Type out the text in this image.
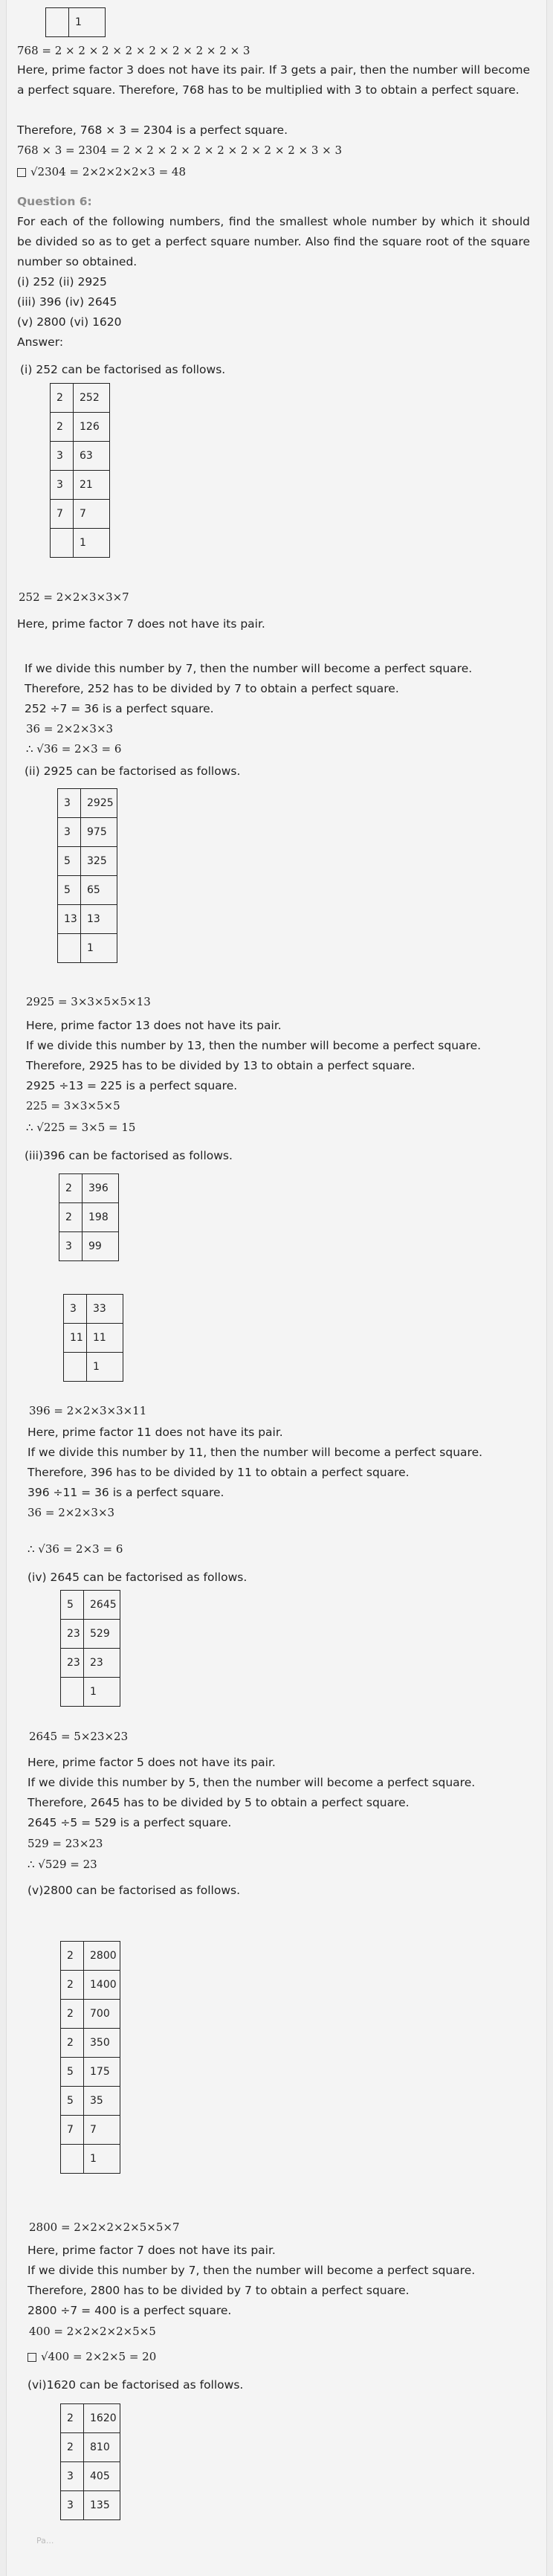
	1
768 = 2 × 2 × 2 × 2 × 2 × 2 × 2 × 2 × 3
Here, prime factor 3 does not have its pair. If 3 gets a pair, then the number will become a perfect square. Therefore, 768 has to be multiplied with 3 to obtain a perfect square.
Therefore, 768 × 3 = 2304 is a perfect square.
768 × 3 = 2304 = 2 × 2 × 2 × 2 × 2 × 2 × 2 × 2 × 3 × 3
√2304 = 2×2×2×2×3 = 48
Question 6:
For each of the following numbers, find the smallest whole number by which it should be divided so as to get a perfect square number. Also find the square root of the square number so obtained.
(i) 252 (ii) 2925
(iii) 396 (iv) 2645
(v) 2800 (vi) 1620
Answer:
(i) 252 can be factorised as follows.
2	252
2	126
3	63
3	21
7	7
	1
252 = 2×2×3×3×7
Here, prime factor 7 does not have its pair.
If we divide this number by 7, then the number will become a perfect square.
Therefore, 252 has to be divided by 7 to obtain a perfect square.
252 ÷7 = 36 is a perfect square.
36 = 2×2×3×3
∴ √36 = 2×3 = 6
(ii) 2925 can be factorised as follows.
3	2925
3	975
5	325
5	65
13	13
	1
2925 = 3×3×5×5×13
Here, prime factor 13 does not have its pair.
If we divide this number by 13, then the number will become a perfect square.
Therefore, 2925 has to be divided by 13 to obtain a perfect square.
2925 ÷13 = 225 is a perfect square.
225 = 3×3×5×5
∴ √225 = 3×5 = 15
(iii)396 can be factorised as follows.
2	396
2	198
3	99
3	33
11	11
	1
396 = 2×2×3×3×11
Here, prime factor 11 does not have its pair.
If we divide this number by 11, then the number will become a perfect square.
Therefore, 396 has to be divided by 11 to obtain a perfect square.
396 ÷11 = 36 is a perfect square.
36 = 2×2×3×3
∴ √36 = 2×3 = 6
(iv) 2645 can be factorised as follows.
5	2645
23	529
23	23
	1
2645 = 5×23×23
Here, prime factor 5 does not have its pair.
If we divide this number by 5, then the number will become a perfect square.
Therefore, 2645 has to be divided by 5 to obtain a perfect square.
2645 ÷5 = 529 is a perfect square.
529 = 23×23
∴ √529 = 23
(v)2800 can be factorised as follows.
2	2800
2	1400
2	700
2	350
5	175
5	35
7	7
	1
2800 = 2×2×2×2×5×5×7
Here, prime factor 7 does not have its pair.
If we divide this number by 7, then the number will become a perfect square.
Therefore, 2800 has to be divided by 7 to obtain a perfect square.
2800 ÷7 = 400 is a perfect square.
400 = 2×2×2×2×5×5
√400 = 2×2×5 = 20
(vi)1620 can be factorised as follows.
2	1620
2	810
3	405
3	135
Pa...
